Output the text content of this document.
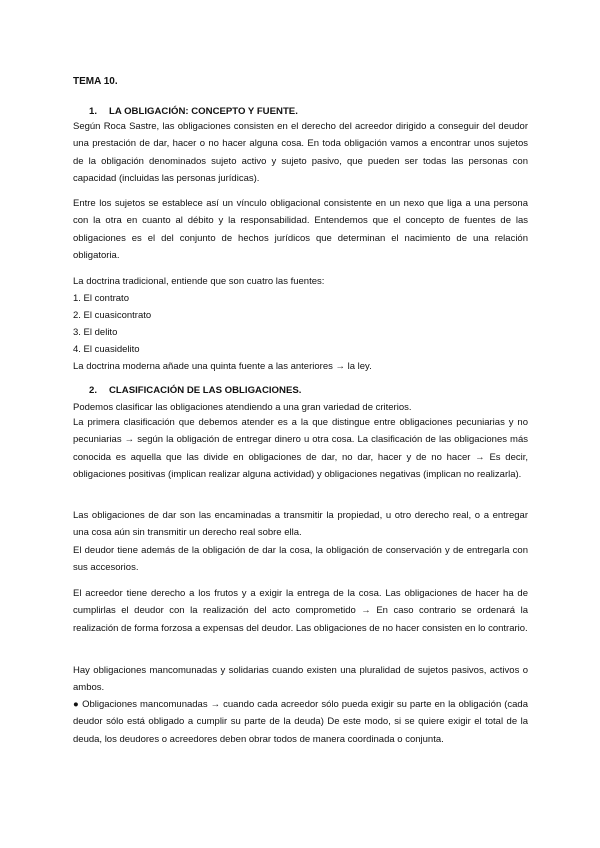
TEMA 10.
1. LA OBLIGACIÓN: CONCEPTO Y FUENTE.
Según Roca Sastre, las obligaciones consisten en el derecho del acreedor dirigido a conseguir del deudor una prestación de dar, hacer o no hacer alguna cosa. En toda obligación vamos a encontrar unos sujetos de la obligación denominados sujeto activo y sujeto pasivo, que pueden ser todas las personas con capacidad (incluidas las personas jurídicas).
Entre los sujetos se establece así un vínculo obligacional consistente en un nexo que liga a una persona con la otra en cuanto al débito y la responsabilidad. Entendemos que el concepto de fuentes de las obligaciones es el del conjunto de hechos jurídicos que determinan el nacimiento de una relación obligatoria.
La doctrina tradicional, entiende que son cuatro las fuentes:
1. El contrato
2. El cuasicontrato
3. El delito
4. El cuasidelito
La doctrina moderna añade una quinta fuente a las anteriores → la ley.
2. CLASIFICACIÓN DE LAS OBLIGACIONES.
Podemos clasificar las obligaciones atendiendo a una gran variedad de criterios.
La primera clasificación que debemos atender es a la que distingue entre obligaciones pecuniarias y no pecuniarias → según la obligación de entregar dinero u otra cosa. La clasificación de las obligaciones más conocida es aquella que las divide en obligaciones de dar, no dar, hacer y de no hacer → Es decir, obligaciones positivas (implican realizar alguna actividad) y obligaciones negativas (implican no realizarla).
Las obligaciones de dar son las encaminadas a transmitir la propiedad, u otro derecho real, o a entregar una cosa aún sin transmitir un derecho real sobre ella.
El deudor tiene además de la obligación de dar la cosa, la obligación de conservación y de entregarla con sus accesorios.
El acreedor tiene derecho a los frutos y a exigir la entrega de la cosa. Las obligaciones de hacer ha de cumplirlas el deudor con la realización del acto comprometido → En caso contrario se ordenará la realización de forma forzosa a expensas del deudor. Las obligaciones de no hacer consisten en lo contrario.
Hay obligaciones mancomunadas y solidarias cuando existen una pluralidad de sujetos pasivos, activos o ambos.
● Obligaciones mancomunadas → cuando cada acreedor sólo pueda exigir su parte en la obligación (cada deudor sólo está obligado a cumplir su parte de la deuda) De este modo, si se quiere exigir el total de la deuda, los deudores o acreedores deben obrar todos de manera coordinada o conjunta.
